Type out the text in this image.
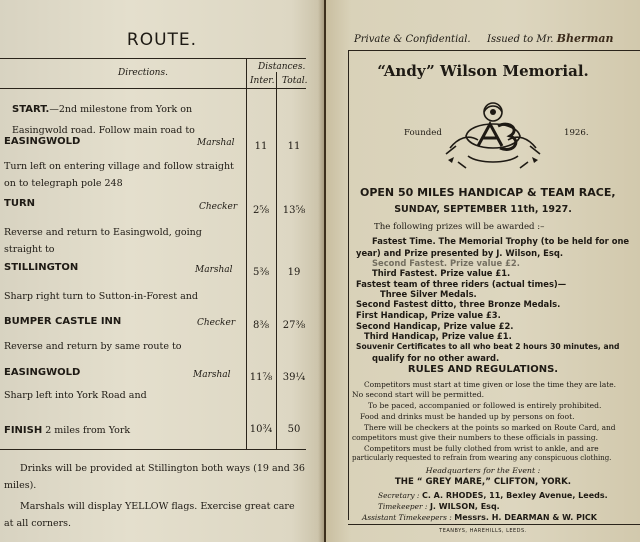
ROUTE.
Directions.
Distances.
Inter. Total.
START.—2nd milestone from York on Easingwold road. Follow main road to
EASINGWOLD	Marshal	11	11
Turn left on entering village and follow straight on to telegraph pole 248
TURN	Checker	2⅝	13⅝
Reverse and return to Easingwold, going straight to
STILLINGTON	Marshal	5⅜	19
Sharp right turn to Sutton-in-Forest and
BUMPER CASTLE INN	Checker	8⅜	27⅜
Reverse and return by same route to
EASINGWOLD	Marshal	11⅞	39¼
Sharp left into York Road and
FINISH 2 miles from York	10¾	50
Drinks will be provided at Stillington both ways (19 and 36 miles).
Marshals will display YELLOW flags. Exercise great care at all corners.
Private & Confidential. Issued to Mr. Bherman
“Andy” Wilson Memorial.
Founded	1926.
OPEN 50 MILES HANDICAP & TEAM RACE,
SUNDAY, SEPTEMBER 11th, 1927.
The following prizes will be awarded :–
Fastest Time. The Memorial Trophy (to be held for one
year) and Prize presented by J. Wilson, Esq.
Second Fastest. Prize value £2.
Third Fastest. Prize value £1.
Fastest team of three riders (actual times)—
Three Silver Medals.
Second Fastest ditto, three Bronze Medals.
First Handicap, Prize value £3.
Second Handicap, Prize value £2.
Third Handicap, Prize value £1.
Souvenir Certificates to all who beat 2 hours 30 minutes, and
qualify for no other award.
RULES AND REGULATIONS.
Competitors must start at time given or lose the time they are late.
No second start will be permitted.
To be paced, accompanied or followed is entirely prohibited.
Food and drinks must be handed up by persons on foot.
There will be checkers at the points so marked on Route Card, and
competitors must give their numbers to these officials in passing.
Competitors must be fully clothed from wrist to ankle, and are
particularly requested to refrain from wearing any conspicuous clothing.
Headquarters for the Event :
THE “ GREY MARE,” CLIFTON, YORK.
Secretary : C. A. RHODES, 11, Bexley Avenue, Leeds.
Timekeeper : J. WILSON, Esq.
Assistant Timekeepers : Messrs. H. DEARMAN & W. PICK
TEANBYS, HAREHILLS, LEEDS.
